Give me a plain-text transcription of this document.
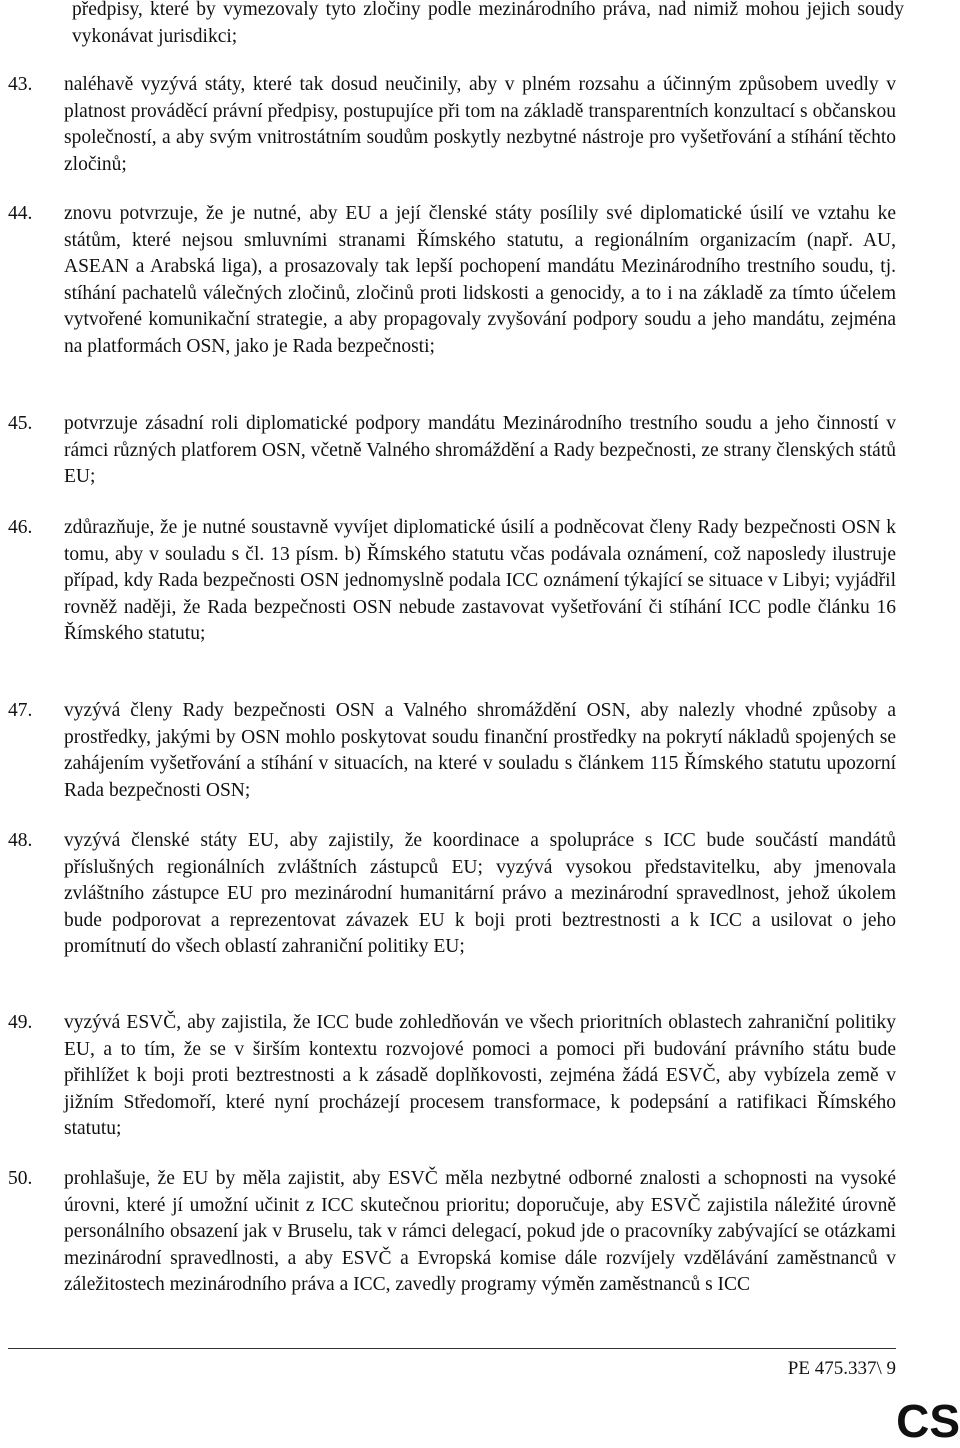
předpisy, které by vymezovaly tyto zločiny podle mezinárodního práva, nad nimiž mohou jejich soudy vykonávat jurisdikci;
43.	naléhavě vyzývá státy, které tak dosud neučinily, aby v plném rozsahu a účinným způsobem uvedly v platnost prováděcí právní předpisy, postupujíce při tom na základě transparentních konzultací s občanskou společností, a aby svým vnitrostátním soudům poskytly nezbytné nástroje pro vyšetřování a stíhání těchto zločinů;
44.	znovu potvrzuje, že je nutné, aby EU a její členské státy posílily své diplomatické úsilí ve vztahu ke státům, které nejsou smluvními stranami Římského statutu, a regionálním organizacím (např. AU, ASEAN a Arabská liga), a prosazovaly tak lepší pochopení mandátu Mezinárodního trestního soudu, tj. stíhání pachatelů válečných zločinů, zločinů proti lidskosti a genocidy, a to i na základě za tímto účelem vytvořené komunikační strategie, a aby propagovaly zvyšování podpory soudu a jeho mandátu, zejména na platformách OSN, jako je Rada bezpečnosti;
45.	potvrzuje zásadní roli diplomatické podpory mandátu Mezinárodního trestního soudu a jeho činností v rámci různých platforem OSN, včetně Valného shromáždění a Rady bezpečnosti, ze strany členských států EU;
46.	zdůrazňuje, že je nutné soustavně vyvíjet diplomatické úsilí a podněcovat členy Rady bezpečnosti OSN k tomu, aby v souladu s čl. 13 písm. b) Římského statutu včas podávala oznámení, což naposledy ilustruje případ, kdy Rada bezpečnosti OSN jednomyslně podala ICC oznámení týkající se situace v Libyi; vyjádřil rovněž naději, že Rada bezpečnosti OSN nebude zastavovat vyšetřování či stíhání ICC podle článku 16 Římského statutu;
47.	vyzývá členy Rady bezpečnosti OSN a Valného shromáždění OSN, aby nalezly vhodné způsoby a prostředky, jakými by OSN mohlo poskytovat soudu finanční prostředky na pokrytí nákladů spojených se zahájením vyšetřování a stíhání v situacích, na které v souladu s článkem 115 Římského statutu upozorní Rada bezpečnosti OSN;
48.	vyzývá členské státy EU, aby zajistily, že koordinace a spolupráce s ICC bude součástí mandátů příslušných regionálních zvláštních zástupců EU; vyzývá vysokou představitelku, aby jmenovala zvláštního zástupce EU pro mezinárodní humanitární právo a mezinárodní spravedlnost, jehož úkolem bude podporovat a reprezentovat závazek EU k boji proti beztrestnosti a k ICC a usilovat o jeho promítnutí do všech oblastí zahraniční politiky EU;
49.	vyzývá ESVČ, aby zajistila, že ICC bude zohledňován ve všech prioritních oblastech zahraniční politiky EU, a to tím, že se v širším kontextu rozvojové pomoci a pomoci při budování právního státu bude přihlížet k boji proti beztrestnosti a k zásadě doplňkovosti, zejména žádá ESVČ, aby vybízela země v jižním Středomoří, které nyní procházejí procesem transformace, k podepsání a ratifikaci Římského statutu;
50.	prohlašuje, že EU by měla zajistit, aby ESVČ měla nezbytné odborné znalosti a schopnosti na vysoké úrovni, které jí umožní učinit z ICC skutečnou prioritu; doporučuje, aby ESVČ zajistila náležité úrovně personálního obsazení jak v Bruselu, tak v rámci delegací, pokud jde o pracovníky zabývající se otázkami mezinárodní spravedlnosti, a aby ESVČ a Evropská komise dále rozvíjely vzdělávání zaměstnanců v záležitostech mezinárodního práva a ICC, zavedly programy výměn zaměstnanců s ICC
PE 475.337\ 9
CS
